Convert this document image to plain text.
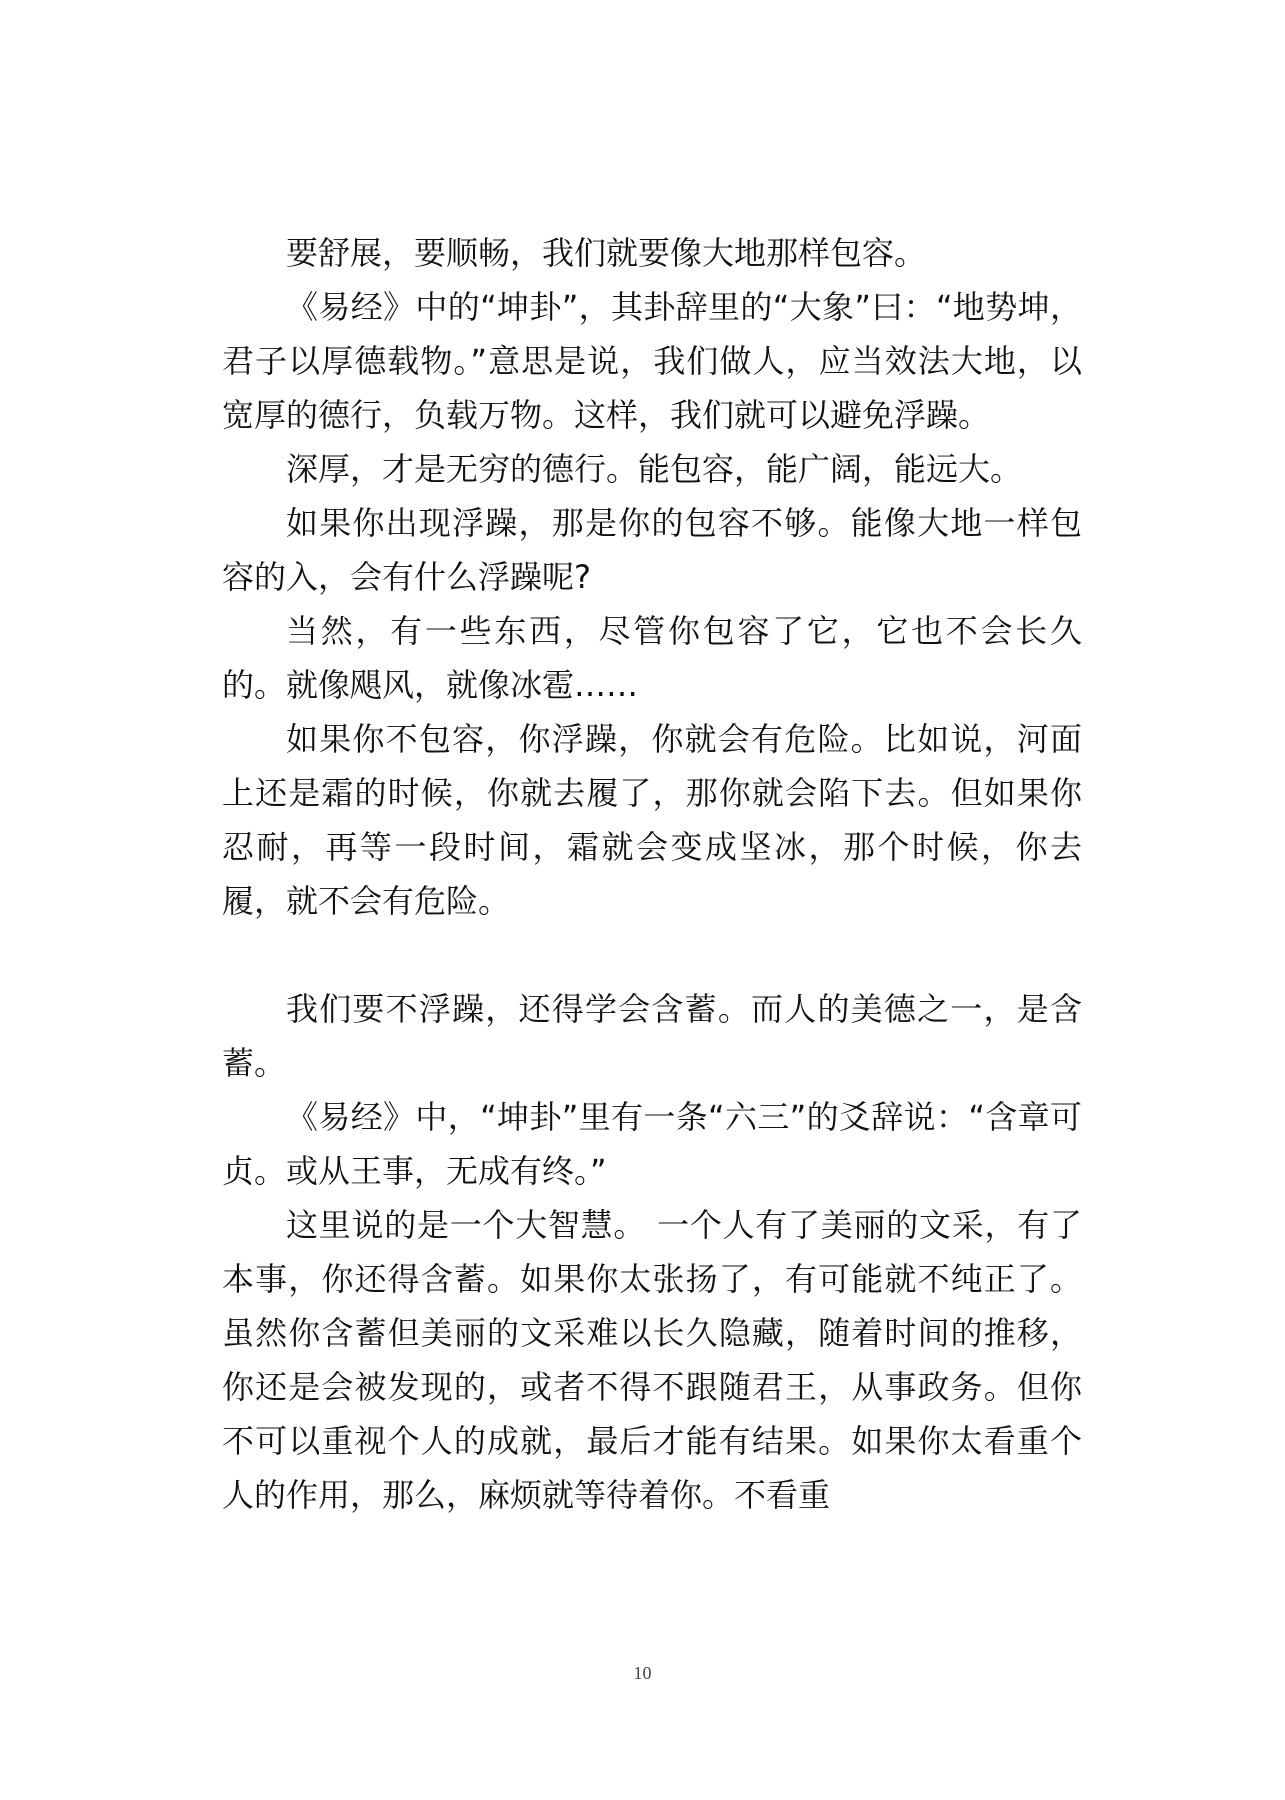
要舒展，要顺畅，我们就要像大地那样包容。

《易经》中的“坤卦”，其卦辞里的“大象”曰：“地势坤，君子以厚德载物。”意思是说，我们做人，应当效法大地，以宽厚的德行，负载万物。这样，我们就可以避免浮躁。

深厚，才是无穷的德行。能包容，能广阔，能远大。

如果你出现浮躁，那是你的包容不够。能像大地一样包容的入，会有什么浮躁呢?

当然，有一些东西，尽管你包容了它，它也不会长久的。就像飓风，就像冰雹……

如果你不包容，你浮躁，你就会有危险。比如说，河面上还是霜的时候，你就去履了，那你就会陷下去。但如果你忍耐，再等一段时间，霜就会变成坚冰，那个时候，你去履，就不会有危险。

我们要不浮躁，还得学会含蓄。而人的美德之一，是含蓄。

《易经》中，“坤卦”里有一条“六三”的爻辞说：“含章可贞。或从王事，无成有终。”

这里说的是一个大智慧。 一个人有了美丽的文采，有了本事，你还得含蓄。如果你太张扬了，有可能就不纯正了。虽然你含蓄但美丽的文采难以长久隐藏，随着时间的推移，你还是会被发现的，或者不得不跟随君王，从事政务。但你不可以重视个人的成就，最后才能有结果。如果你太看重个人的作用，那么，麻烦就等待着你。不看重

10
